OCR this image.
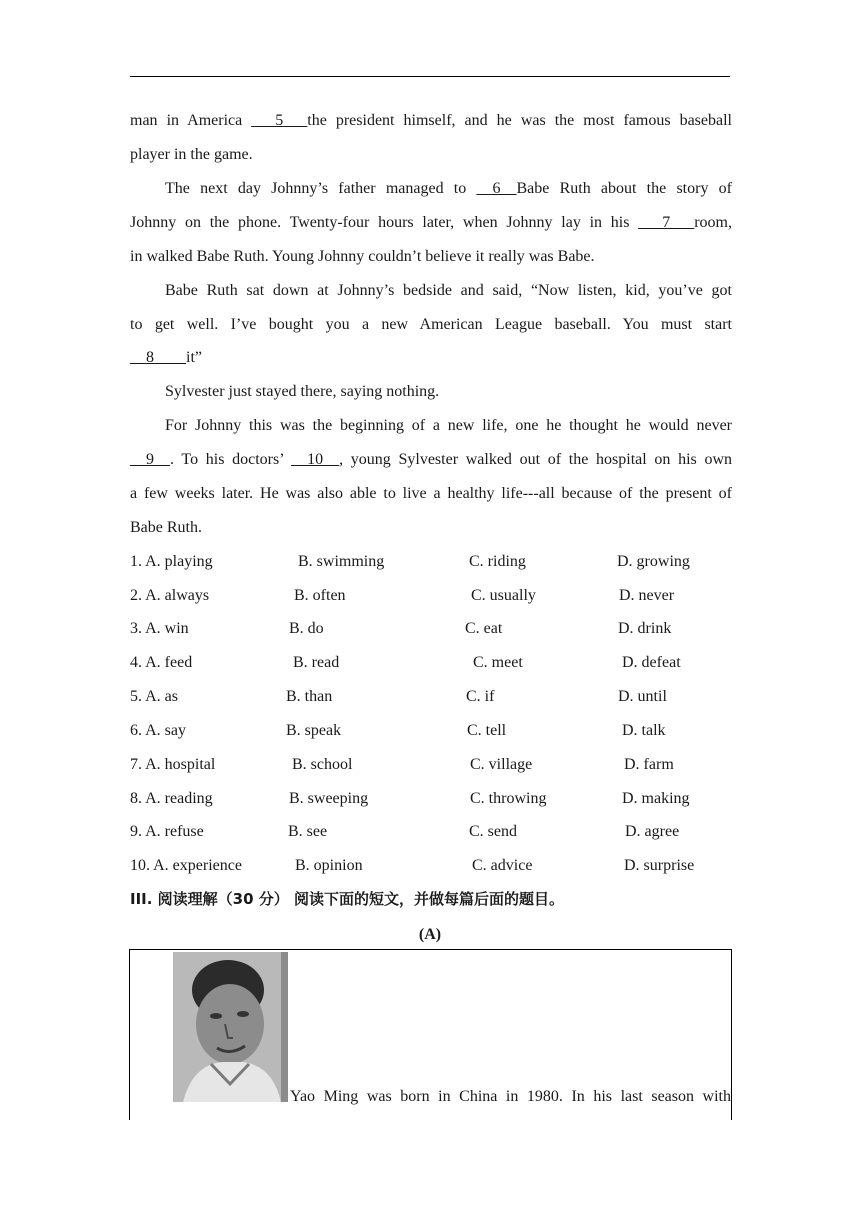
man in America ___5___the president himself, and he was the most famous baseball
player in the game.
The next day Johnny’s father managed to __6__Babe Ruth about the story of
Johnny on the phone. Twenty-four hours later, when Johnny lay in his ___7___room,
in walked Babe Ruth. Young Johnny couldn’t believe it really was Babe.
Babe Ruth sat down at Johnny’s bedside and said, “Now listen, kid, you’ve got
to get well. I’ve bought you a new American League baseball. You must start
__8____it”
Sylvester just stayed there, saying nothing.
For Johnny this was the beginning of a new life, one he thought he would never
__9__. To his doctors’ __10__, young Sylvester walked out of the hospital on his own
a few weeks later. He was also able to live a healthy life---all because of the present of
Babe Ruth.
1. A. playing	B. swimming	C. riding	D. growing
2. A. always	B. often	C. usually	D. never
3. A. win	B. do	C. eat	D. drink
4. A. feed	B. read	C. meet	D. defeat
5. A. as	B. than	C. if	D. until
6. A. say	B. speak	C. tell	D. talk
7. A. hospital	B. school	C. village	D. farm
8. A. reading	B. sweeping	C. throwing	D. making
9. A. refuse	B. see	C. send	D. agree
10. A. experience	B. opinion	C. advice	D. surprise
III. 阅读理解（30 分） 阅读下面的短文，并做每篇后面的题目。
(A)
Yao Ming was born in China in 1980. In his last season with
